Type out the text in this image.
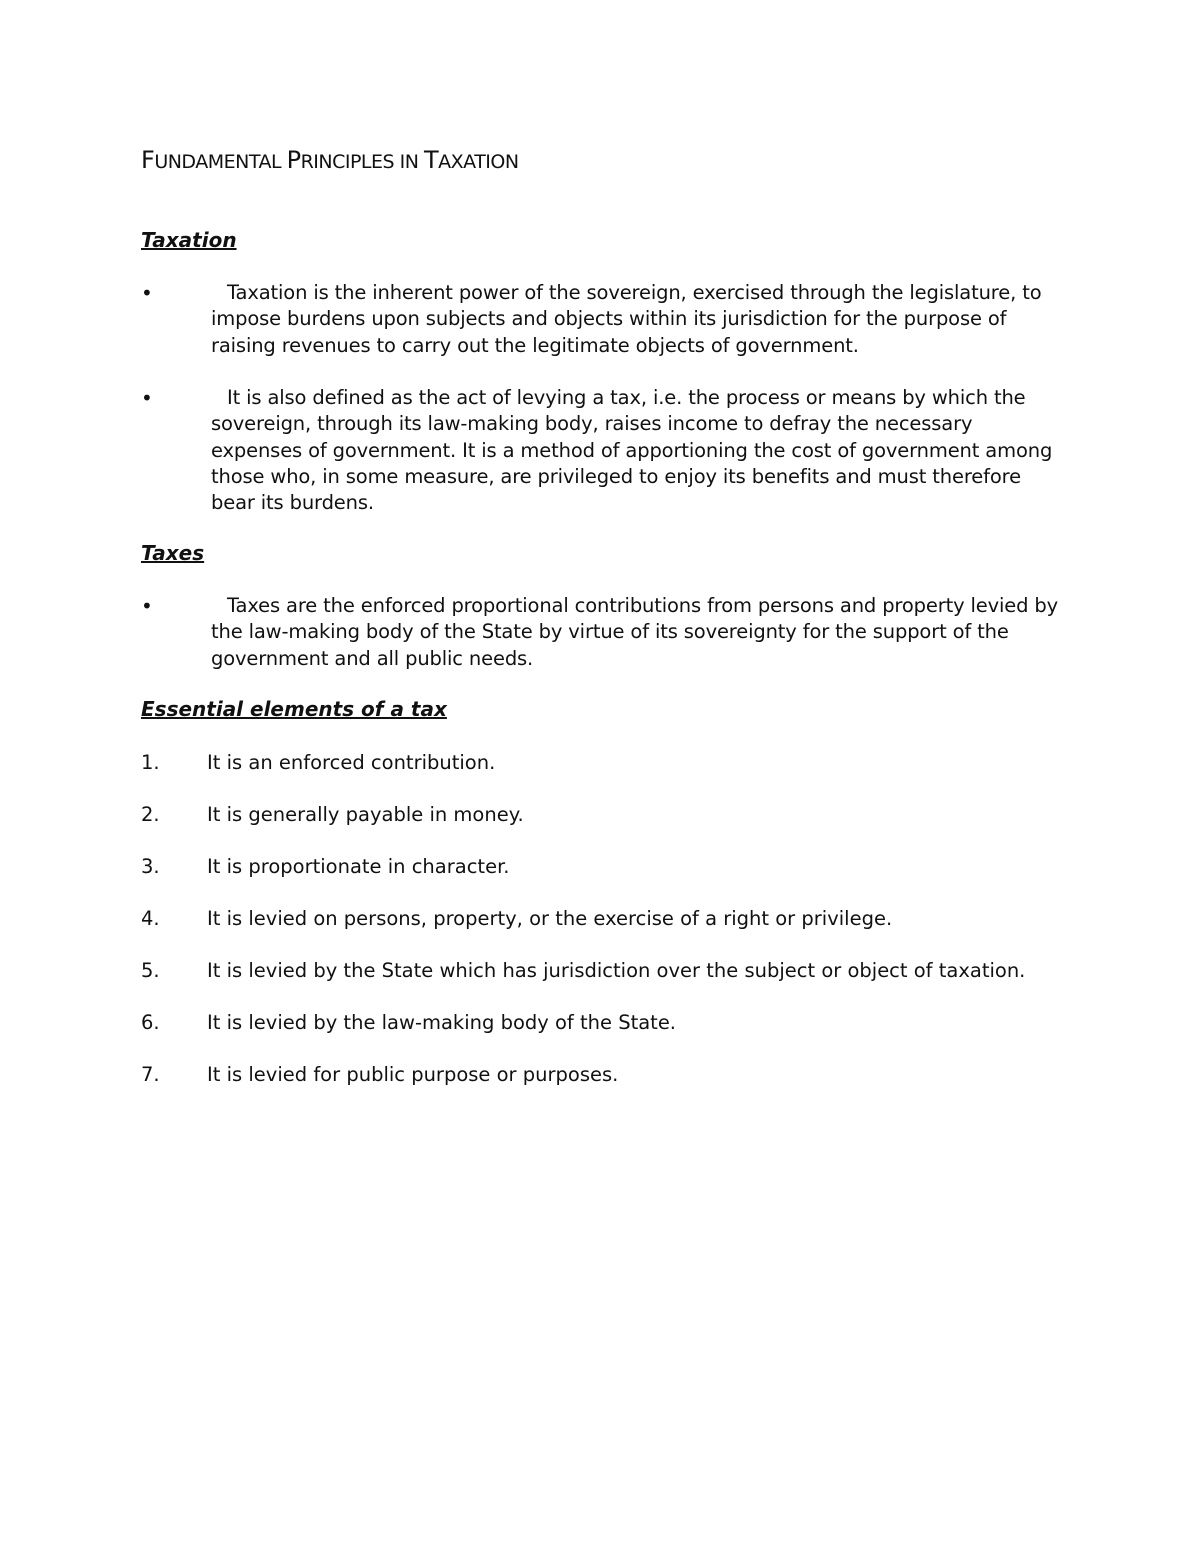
FUNDAMENTAL PRINCIPLES IN TAXATION
Taxation
•	Taxation is the inherent power of the sovereign, exercised through the legislature, to impose burdens upon subjects and objects within its jurisdiction for the purpose of raising revenues to carry out the legitimate objects of government.
•	It is also defined as the act of levying a tax, i.e. the process or means by which the sovereign, through its law-making body, raises income to defray the necessary expenses of government. It is a method of apportioning the cost of government among those who, in some measure, are privileged to enjoy its benefits and must therefore bear its burdens.
Taxes
•	Taxes are the enforced proportional contributions from persons and property levied by the law-making body of the State by virtue of its sovereignty for the support of the government and all public needs.
Essential elements of a tax
1. It is an enforced contribution.
2. It is generally payable in money.
3. It is proportionate in character.
4. It is levied on persons, property, or the exercise of a right or privilege.
5. It is levied by the State which has jurisdiction over the subject or object of taxation.
6. It is levied by the law-making body of the State.
7. It is levied for public purpose or purposes.
